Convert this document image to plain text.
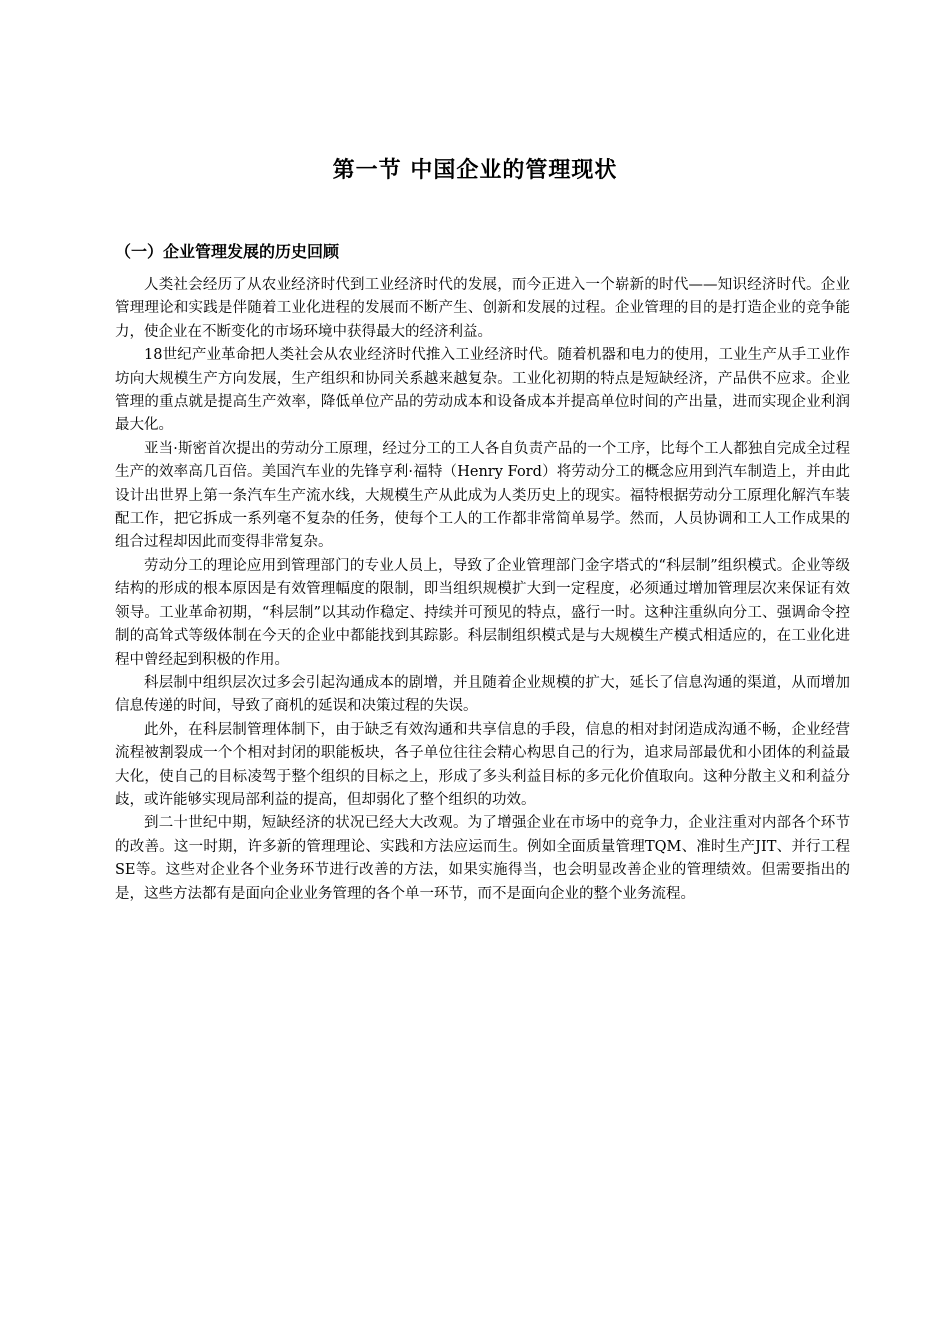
第一节 中国企业的管理现状
（一）企业管理发展的历史回顾

人类社会经历了从农业经济时代到工业经济时代的发展，而今正进入一个崭新的时代——知识经济时代。企业管理理论和实践是伴随着工业化进程的发展而不断产生、创新和发展的过程。企业管理的目的是打造企业的竞争能力，使企业在不断变化的市场环境中获得最大的经济利益。

18世纪产业革命把人类社会从农业经济时代推入工业经济时代。随着机器和电力的使用，工业生产从手工业作坊向大规模生产方向发展，生产组织和协同关系越来越复杂。工业化初期的特点是短缺经济，产品供不应求。企业管理的重点就是提高生产效率，降低单位产品的劳动成本和设备成本并提高单位时间的产出量，进而实现企业利润最大化。

亚当·斯密首次提出的劳动分工原理，经过分工的工人各自负责产品的一个工序，比每个工人都独自完成全过程生产的效率高几百倍。美国汽车业的先锋亨利·福特（Henry Ford）将劳动分工的概念应用到汽车制造上，并由此设计出世界上第一条汽车生产流水线，大规模生产从此成为人类历史上的现实。福特根据劳动分工原理化解汽车装配工作，把它拆成一系列毫不复杂的任务，使每个工人的工作都非常简单易学。然而，人员协调和工人工作成果的组合过程却因此而变得非常复杂。

劳动分工的理论应用到管理部门的专业人员上，导致了企业管理部门金字塔式的“科层制”组织模式。企业等级结构的形成的根本原因是有效管理幅度的限制，即当组织规模扩大到一定程度，必须通过增加管理层次来保证有效领导。工业革命初期，“科层制”以其动作稳定、持续并可预见的特点，盛行一时。这种注重纵向分工、强调命令控制的高耸式等级体制在今天的企业中都能找到其踪影。科层制组织模式是与大规模生产模式相适应的，在工业化进程中曾经起到积极的作用。

科层制中组织层次过多会引起沟通成本的剧增，并且随着企业规模的扩大，延长了信息沟通的渠道，从而增加信息传递的时间，导致了商机的延误和决策过程的失误。

此外，在科层制管理体制下，由于缺乏有效沟通和共享信息的手段，信息的相对封闭造成沟通不畅，企业经营流程被割裂成一个个相对封闭的职能板块，各子单位往往会精心构思自己的行为，追求局部最优和小团体的利益最大化，使自己的目标凌驾于整个组织的目标之上，形成了多头利益目标的多元化价值取向。这种分散主义和利益分歧，或许能够实现局部利益的提高，但却弱化了整个组织的功效。

到二十世纪中期，短缺经济的状况已经大大改观。为了增强企业在市场中的竞争力，企业注重对内部各个环节的改善。这一时期，许多新的管理理论、实践和方法应运而生。例如全面质量管理TQM、准时生产JIT、并行工程SE等。这些对企业各个业务环节进行改善的方法，如果实施得当，也会明显改善企业的管理绩效。但需要指出的是，这些方法都有是面向企业业务管理的各个单一环节，而不是面向企业的整个业务流程。
